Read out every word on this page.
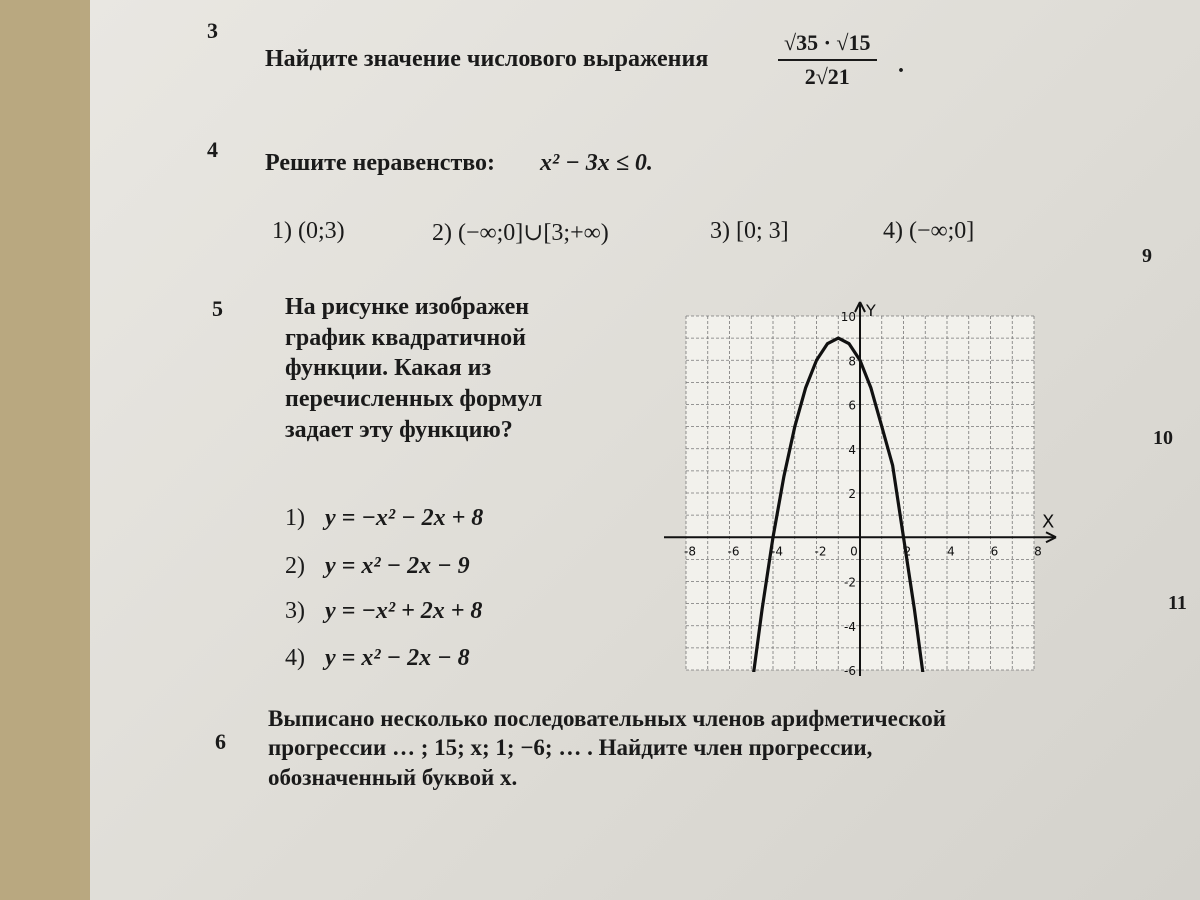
3
Найдите значение числового выражения	$\frac{√35 \cdot √15}{2√21}$ .
4
Решите неравенство: x² − 3x ≤ 0.
1) (0;3)	2) (−∞;0]∪[3;+∞)	3) [0; 3]	4) (−∞;0]
5	На рисунке изображен
график квадратичной
функции. Какая из
перечисленных формул
задает эту функцию?
1) y = −x² − 2x + 8
2) y = x² − 2x − 9
3) y = −x² + 2x + 8
4) y = x² − 2x − 8
X
Y
-8	-6	-4	-2 0	2	4	6	8
10
8
6
4
2
-2
-4
-6
6
Выписано несколько последовательных членов арифметической
прогрессии … ; 15; x; 1; −6; … . Найдите член прогрессии,
обозначенный буквой x.
9
10
11
